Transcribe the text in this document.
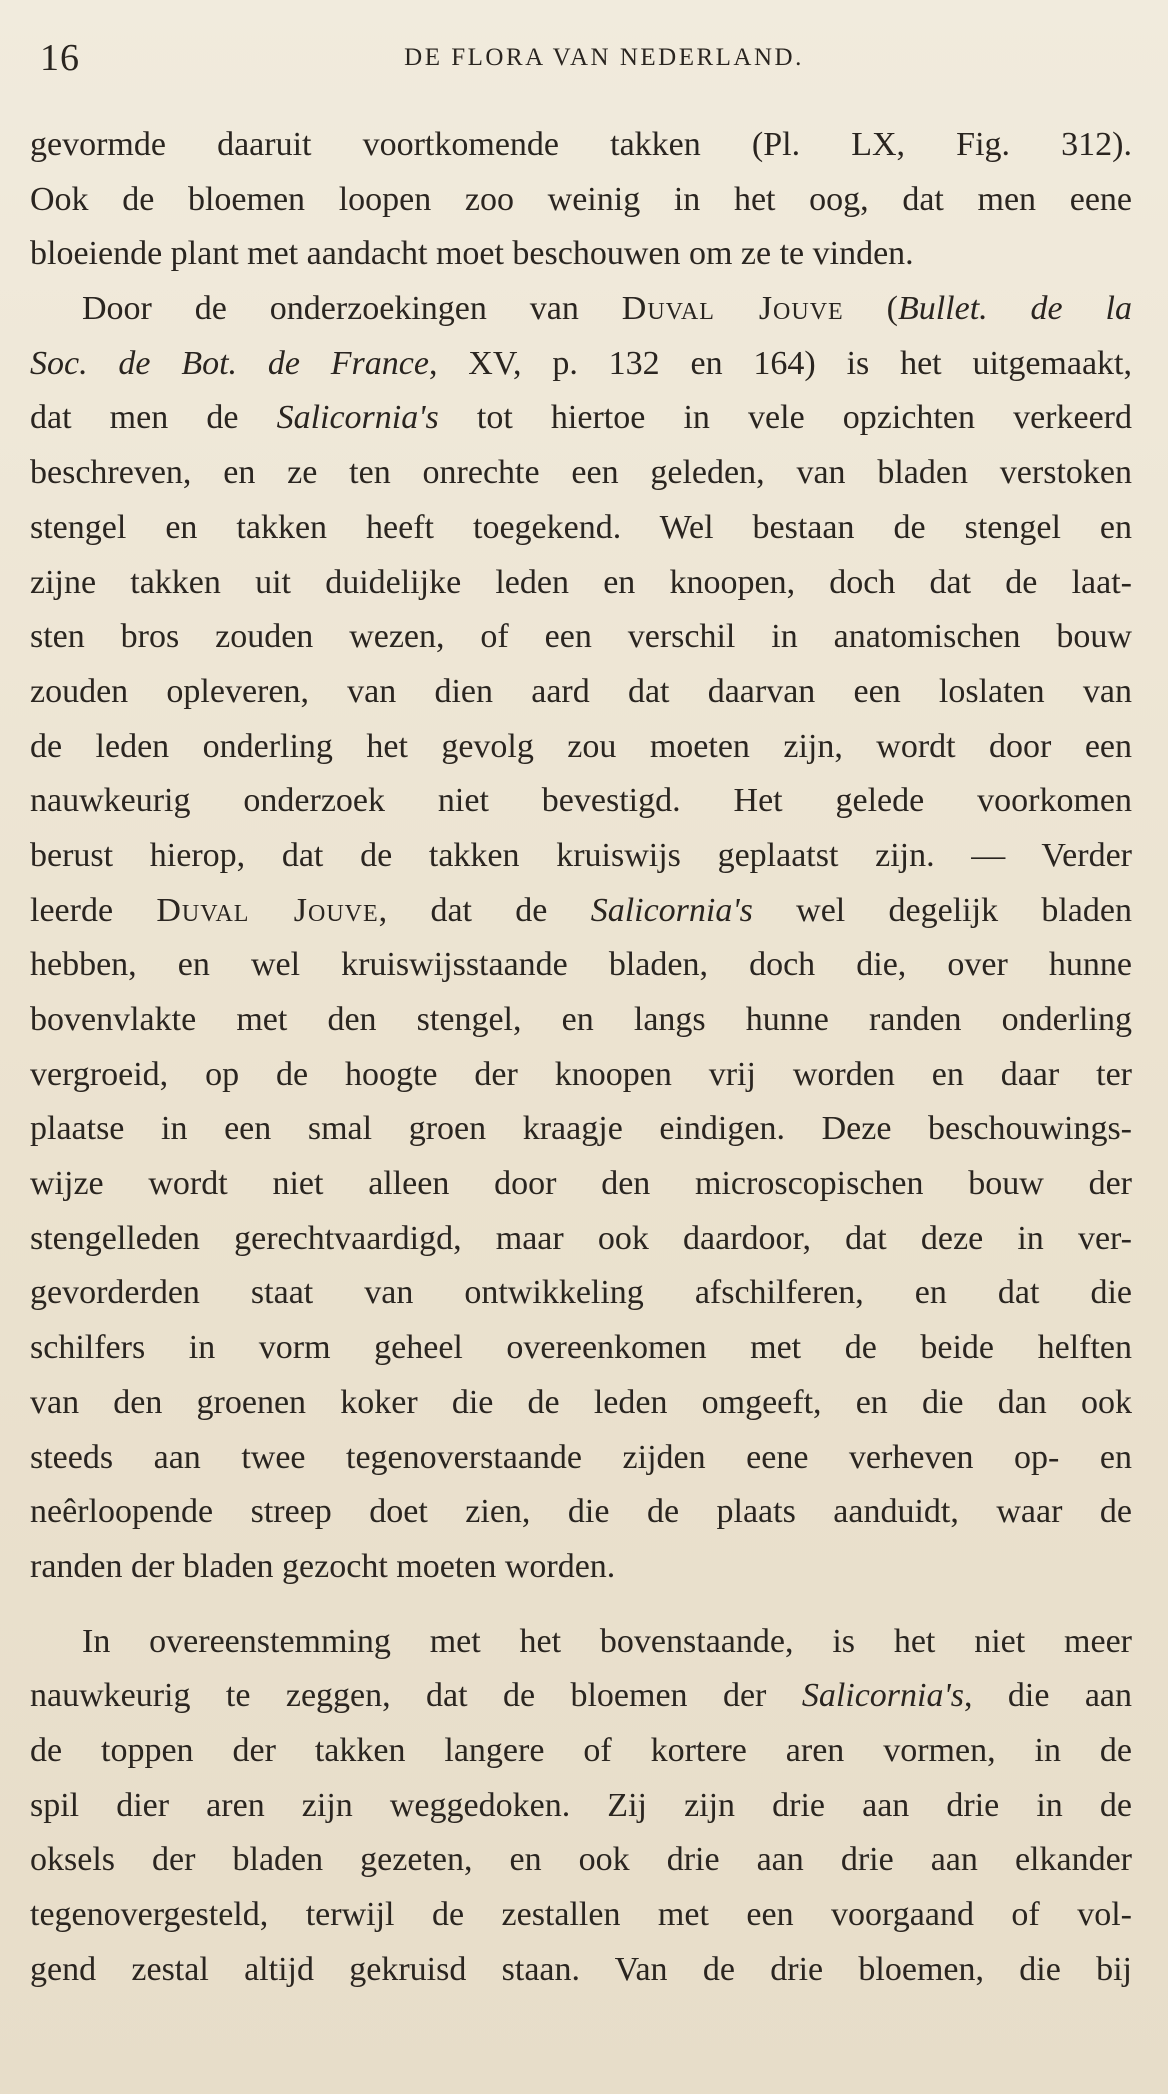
16	DE FLORA VAN NEDERLAND.
gevormde daaruit voortkomende takken (Pl. LX, Fig. 312).
Ook de bloemen loopen zoo weinig in het oog, dat men eene
bloeiende plant met aandacht moet beschouwen om ze te vinden.
Door de onderzoekingen van Duval Jouve (Bullet. de la
Soc. de Bot. de France, XV, p. 132 en 164) is het uitgemaakt,
dat men de Salicornia's tot hiertoe in vele opzichten verkeerd
beschreven, en ze ten onrechte een geleden, van bladen verstoken
stengel en takken heeft toegekend. Wel bestaan de stengel en
zijne takken uit duidelijke leden en knoopen, doch dat de laat-
sten bros zouden wezen, of een verschil in anatomischen bouw
zouden opleveren, van dien aard dat daarvan een loslaten van
de leden onderling het gevolg zou moeten zijn, wordt door een
nauwkeurig onderzoek niet bevestigd. Het gelede voorkomen
berust hierop, dat de takken kruiswijs geplaatst zijn. — Verder
leerde Duval Jouve, dat de Salicornia's wel degelijk bladen
hebben, en wel kruiswijsstaande bladen, doch die, over hunne
bovenvlakte met den stengel, en langs hunne randen onderling
vergroeid, op de hoogte der knoopen vrij worden en daar ter
plaatse in een smal groen kraagje eindigen. Deze beschouwings-
wijze wordt niet alleen door den microscopischen bouw der
stengelleden gerechtvaardigd, maar ook daardoor, dat deze in ver-
gevorderden staat van ontwikkeling afschilferen, en dat die
schilfers in vorm geheel overeenkomen met de beide helften
van den groenen koker die de leden omgeeft, en die dan ook
steeds aan twee tegenoverstaande zijden eene verheven op- en
neêrloopende streep doet zien, die de plaats aanduidt, waar de
randen der bladen gezocht moeten worden.
In overeenstemming met het bovenstaande, is het niet meer
nauwkeurig te zeggen, dat de bloemen der Salicornia's, die aan
de toppen der takken langere of kortere aren vormen, in de
spil dier aren zijn weggedoken. Zij zijn drie aan drie in de
oksels der bladen gezeten, en ook drie aan drie aan elkander
tegenovergesteld, terwijl de zestallen met een voorgaand of vol-
gend zestal altijd gekruisd staan. Van de drie bloemen, die bij
